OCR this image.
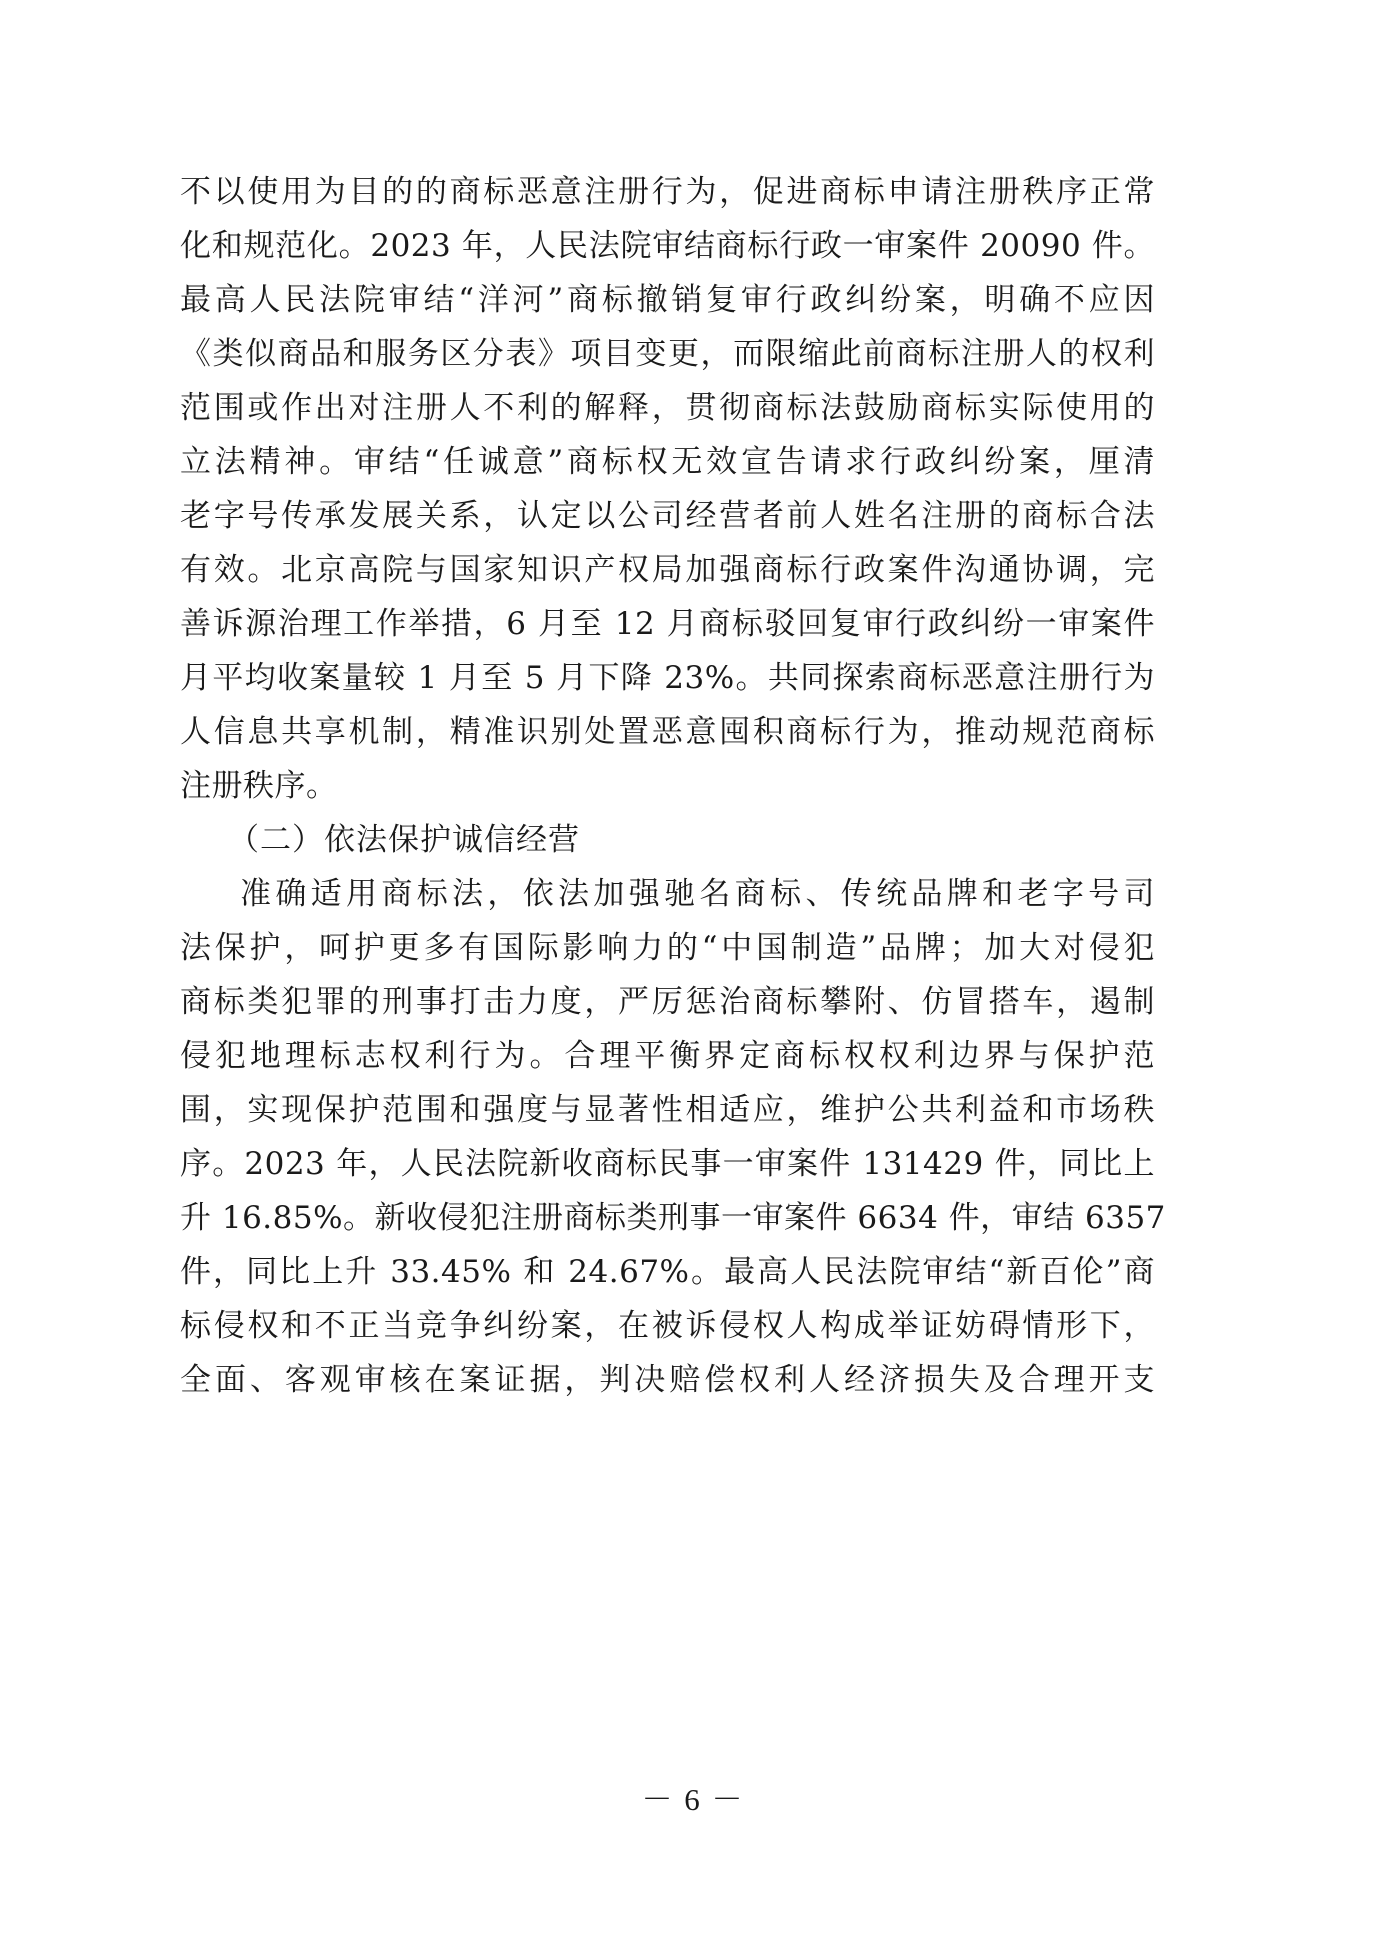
不以使用为目的的商标恶意注册行为，促进商标申请注册秩序正常
化和规范化。2023 年，人民法院审结商标行政一审案件 20090 件。
最高人民法院审结“洋河”商标撤销复审行政纠纷案，明确不应因
《类似商品和服务区分表》项目变更，而限缩此前商标注册人的权利
范围或作出对注册人不利的解释，贯彻商标法鼓励商标实际使用的
立法精神。审结“任诚意”商标权无效宣告请求行政纠纷案，厘清
老字号传承发展关系，认定以公司经营者前人姓名注册的商标合法
有效。北京高院与国家知识产权局加强商标行政案件沟通协调，完
善诉源治理工作举措，6 月至 12 月商标驳回复审行政纠纷一审案件
月平均收案量较 1 月至 5 月下降 23%。共同探索商标恶意注册行为
人信息共享机制，精准识别处置恶意囤积商标行为，推动规范商标
注册秩序。
（二）依法保护诚信经营
准确适用商标法，依法加强驰名商标、传统品牌和老字号司
法保护，呵护更多有国际影响力的“中国制造”品牌；加大对侵犯
商标类犯罪的刑事打击力度，严厉惩治商标攀附、仿冒搭车，遏制
侵犯地理标志权利行为。合理平衡界定商标权权利边界与保护范
围，实现保护范围和强度与显著性相适应，维护公共利益和市场秩
序。2023 年，人民法院新收商标民事一审案件 131429 件，同比上
升 16.85%。新收侵犯注册商标类刑事一审案件 6634 件，审结 6357
件，同比上升 33.45% 和 24.67%。最高人民法院审结“新百伦”商
标侵权和不正当竞争纠纷案，在被诉侵权人构成举证妨碍情形下，
全面、客观审核在案证据，判决赔偿权利人经济损失及合理开支
－ 6 －
